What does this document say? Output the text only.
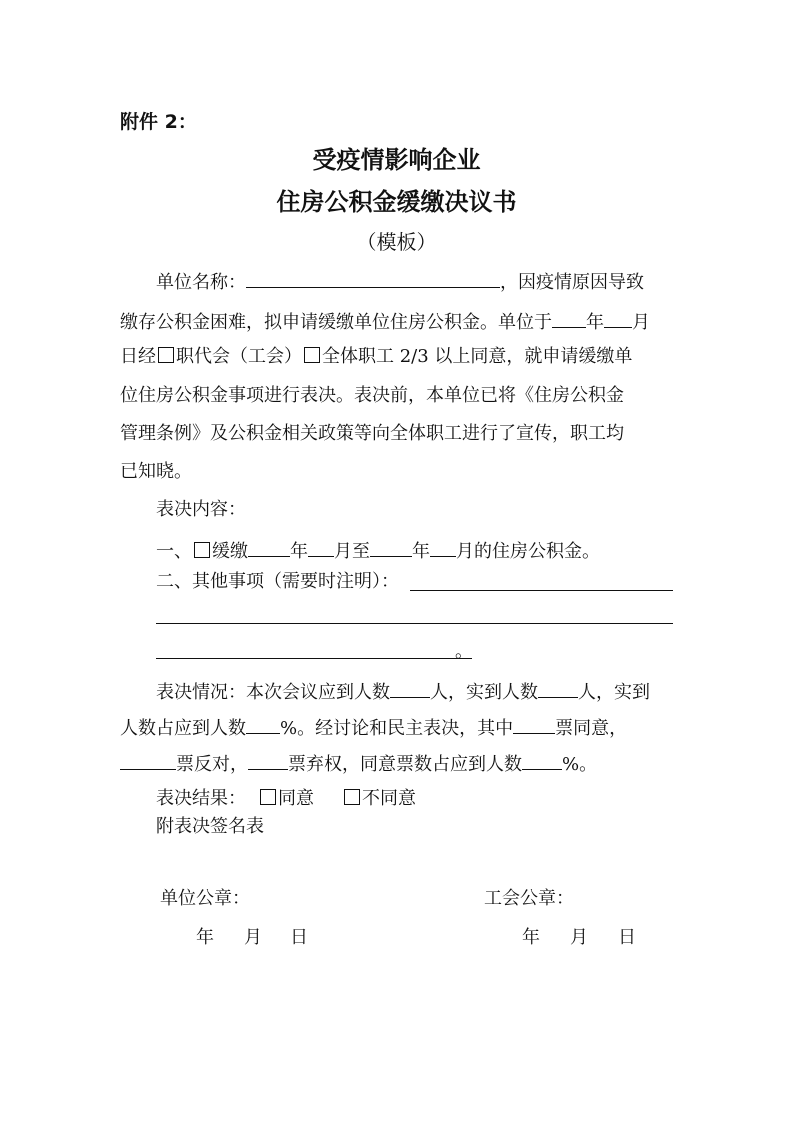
附件 2：
受疫情影响企业
住房公积金缓缴决议书
（模板）
单位名称：	，因疫情原因导致
缴存公积金困难，拟申请缓缴单位住房公积金。单位于 年 月
日经 职代会（工会） 全体职工 2/3 以上同意，就申请缓缴单
位住房公积金事项进行表决。表决前，本单位已将《住房公积金
管理条例》及公积金相关政策等向全体职工进行了宣传，职工均
已知晓。
表决内容：
一、 缓缴 年 月至 年 月的住房公积金。
二、其他事项（需要时注明）：
。
表决情况：本次会议应到人数 人，实到人数 人，实到
人数占应到人数 %。经讨论和民主表决，其中 票同意，
票反对， 票弃权，同意票数占应到人数 %。
表决结果： 同意	不同意
附表决签名表
单位公章：	工会公章：
年	月	日	年	月	日
